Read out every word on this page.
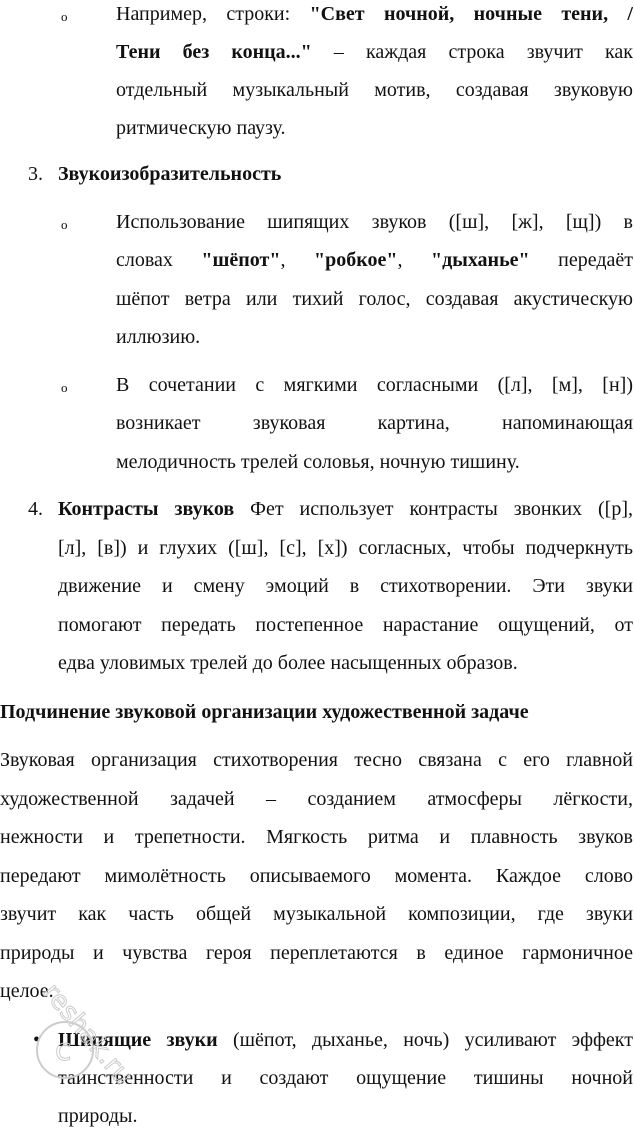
o Например, строки: "Свет ночной, ночные тени, /
Тени без конца..." – каждая строка звучит как
отдельный музыкальный мотив, создавая звуковую
ритмическую паузу.
3. Звукоизобразительность
o Использование шипящих звуков ([ш], [ж], [щ]) в
словах "шёпот", "робкое", "дыханье" передаёт
шёпот ветра или тихий голос, создавая акустическую
иллюзию.
o В сочетании с мягкими согласными ([л], [м], [н])
возникает звуковая картина, напоминающая
мелодичность трелей соловья, ночную тишину.
4. Контрасты звуков Фет использует контрасты звонких ([р],
[л], [в]) и глухих ([ш], [с], [х]) согласных, чтобы подчеркнуть
движение и смену эмоций в стихотворении. Эти звуки
помогают передать постепенное нарастание ощущений, от
едва уловимых трелей до более насыщенных образов.
Подчинение звуковой организации художественной задаче
Звуковая организация стихотворения тесно связана с его главной
художественной задачей – созданием атмосферы лёгкости,
нежности и трепетности. Мягкость ритма и плавность звуков
передают мимолётность описываемого момента. Каждое слово
звучит как часть общей музыкальной композиции, где звуки
природы и чувства героя переплетаются в единое гармоничное
целое.
• Шипящие звуки (шёпот, дыханье, ночь) усиливают эффект
таинственности и создают ощущение тишины ночной
природы.
